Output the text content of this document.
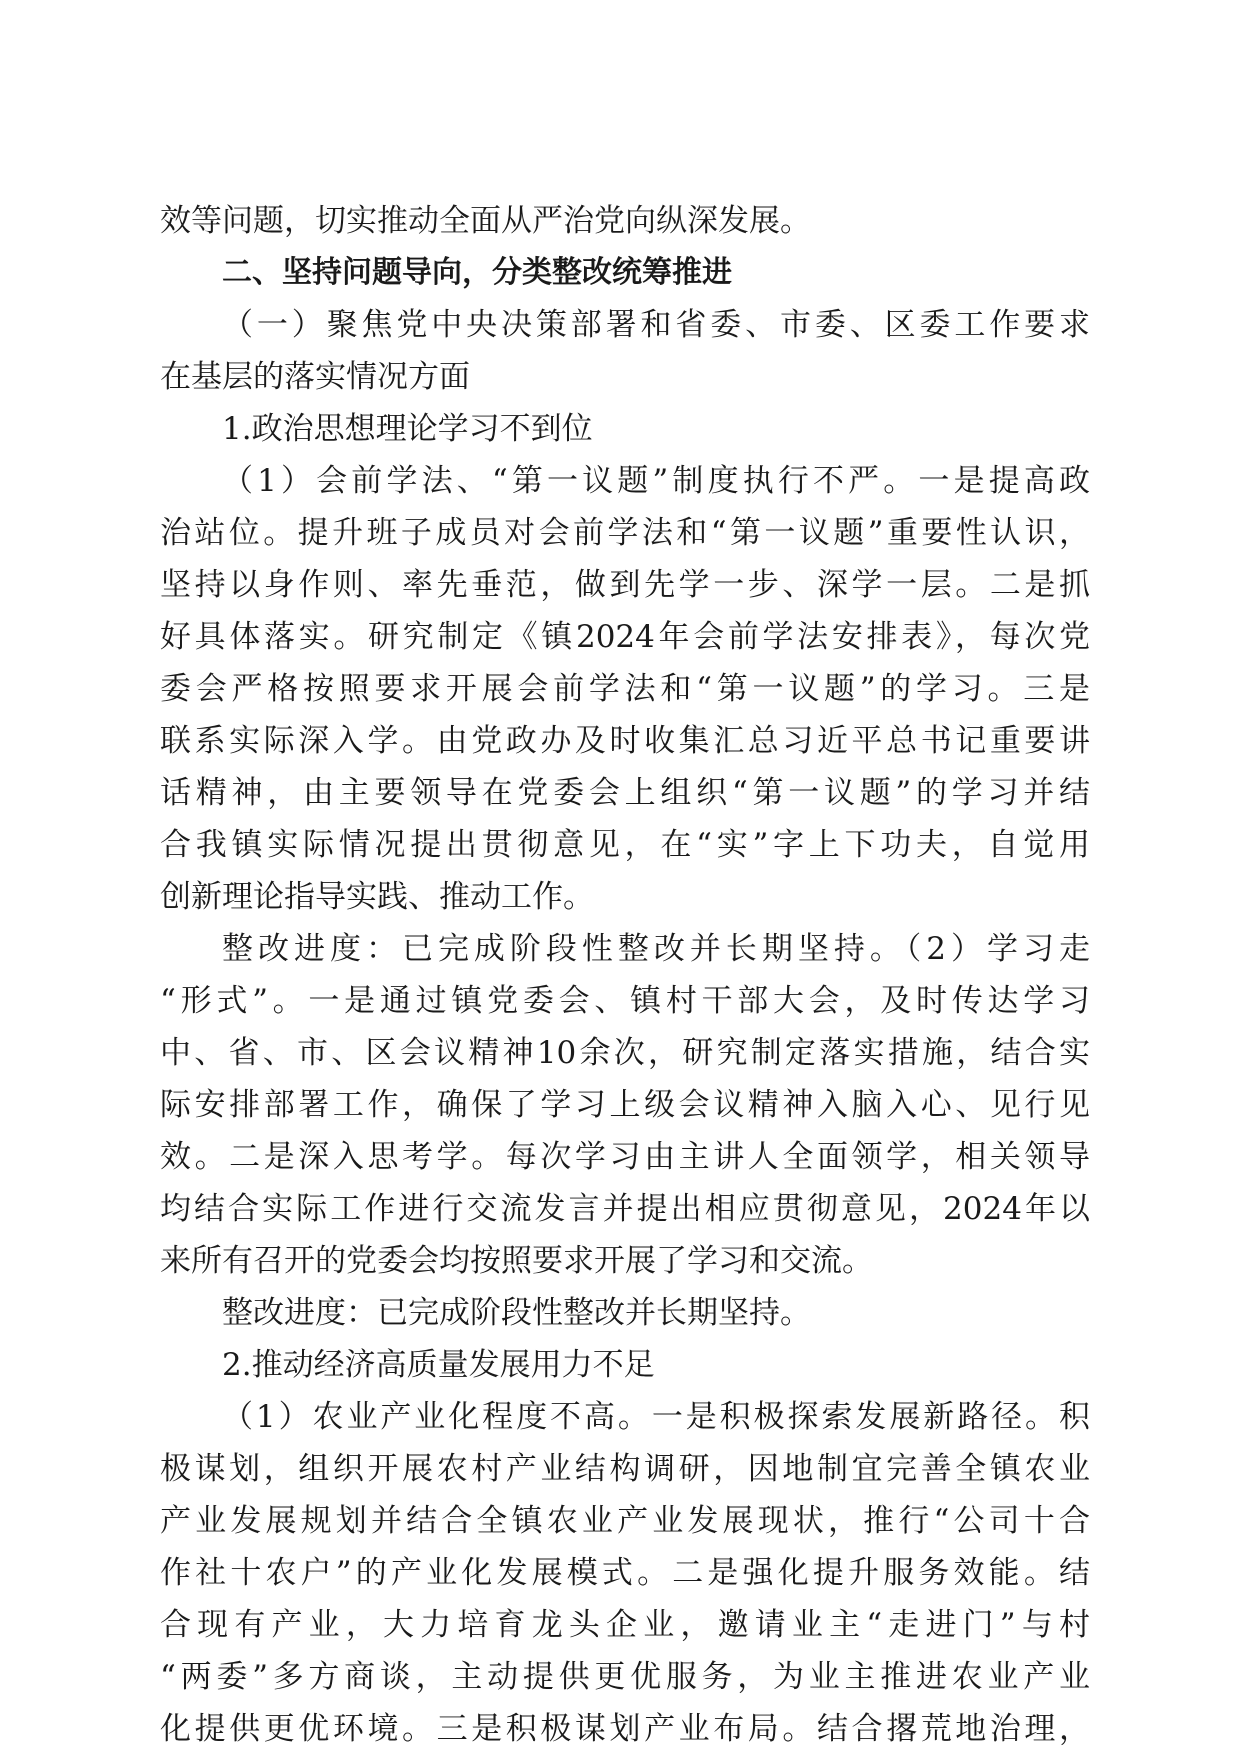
效等问题，切实推动全面从严治党向纵深发展。
二、坚持问题导向，分类整改统筹推进
（一）聚焦党中央决策部署和省委、市委、区委工作要求
在基层的落实情况方面
1.政治思想理论学习不到位
（1）会前学法、“第一议题”制度执行不严。一是提高政
治站位。提升班子成员对会前学法和“第一议题”重要性认识，
坚持以身作则、率先垂范，做到先学一步、深学一层。二是抓
好具体落实。研究制定《镇2024年会前学法安排表》，每次党
委会严格按照要求开展会前学法和“第一议题”的学习。三是
联系实际深入学。由党政办及时收集汇总习近平总书记重要讲
话精神，由主要领导在党委会上组织“第一议题”的学习并结
合我镇实际情况提出贯彻意见，在“实”字上下功夫，自觉用
创新理论指导实践、推动工作。
整改进度：已完成阶段性整改并长期坚持。（2）学习走
“形式”。一是通过镇党委会、镇村干部大会，及时传达学习
中、省、市、区会议精神10余次，研究制定落实措施，结合实
际安排部署工作，确保了学习上级会议精神入脑入心、见行见
效。二是深入思考学。每次学习由主讲人全面领学，相关领导
均结合实际工作进行交流发言并提出相应贯彻意见，2024年以
来所有召开的党委会均按照要求开展了学习和交流。
整改进度：已完成阶段性整改并长期坚持。
2.推动经济高质量发展用力不足
（1）农业产业化程度不高。一是积极探索发展新路径。积
极谋划，组织开展农村产业结构调研，因地制宜完善全镇农业
产业发展规划并结合全镇农业产业发展现状，推行“公司十合
作社十农户”的产业化发展模式。二是强化提升服务效能。结
合现有产业，大力培育龙头企业，邀请业主“走进门”与村
“两委”多方商谈，主动提供更优服务，为业主推进农业产业
化提供更优环境。三是积极谋划产业布局。结合撂荒地治理，
